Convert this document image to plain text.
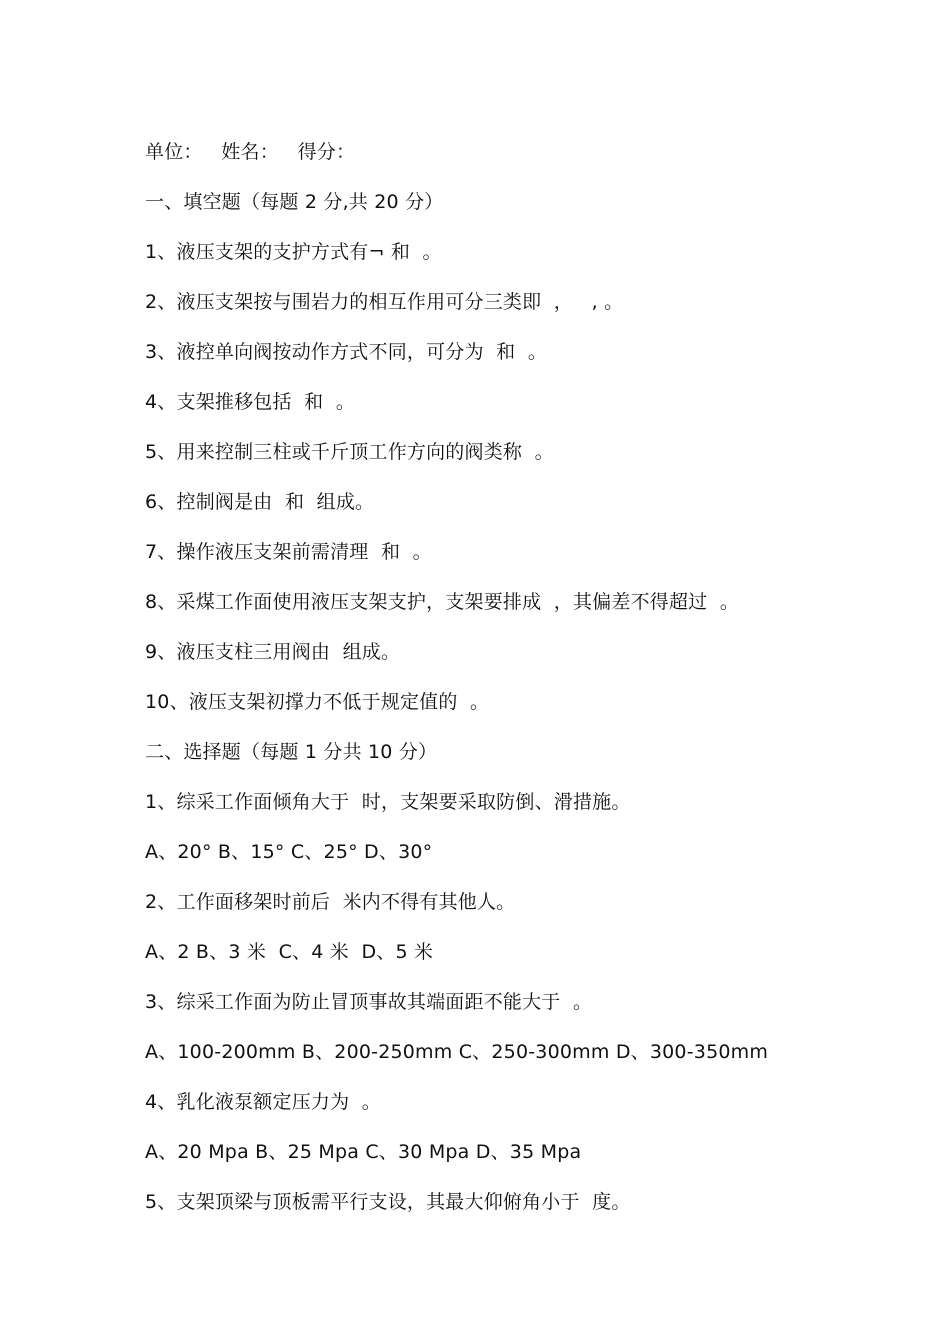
单位：   姓名：   得分：
一、填空题（每题 2 分,共 20 分）
1、液压支架的支护方式有¬ 和  。
2、液压支架按与围岩力的相互作用可分三类即  ，   , 。
3、液控单向阀按动作方式不同，可分为  和  。
4、支架推移包括  和  。
5、用来控制三柱或千斤顶工作方向的阀类称  。
6、控制阀是由  和  组成。
7、操作液压支架前需清理  和  。
8、采煤工作面使用液压支架支护，支架要排成  ，其偏差不得超过  。
9、液压支柱三用阀由  组成。
10、液压支架初撑力不低于规定值的  。
二、选择题（每题 1 分共 10 分）
1、综采工作面倾角大于  时，支架要采取防倒、滑措施。
A、20° B、15° C、25° D、30°
2、工作面移架时前后  米内不得有其他人。
A、2 B、3 米  C、4 米  D、5 米
3、综采工作面为防止冒顶事故其端面距不能大于  。
A、100-200mm B、200-250mm C、250-300mm D、300-350mm
4、乳化液泵额定压力为  。
A、20 Mpa B、25 Mpa C、30 Mpa D、35 Mpa
5、支架顶梁与顶板需平行支设，其最大仰俯角小于  度。
